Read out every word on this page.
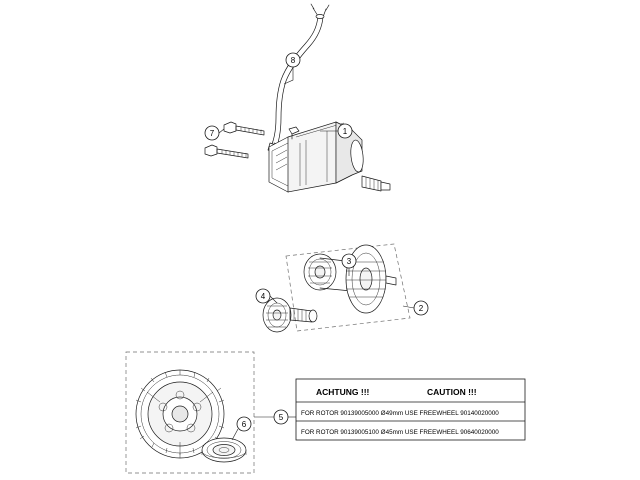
1
2
3
4
5
6
7
8
ACHTUNG !!!	CAUTION !!!
FOR ROTOR 90139005000 Ø49mm USE FREEWHEEL 90140020000
FOR ROTOR 90139005100 Ø45mm USE FREEWHEEL 90640020000
